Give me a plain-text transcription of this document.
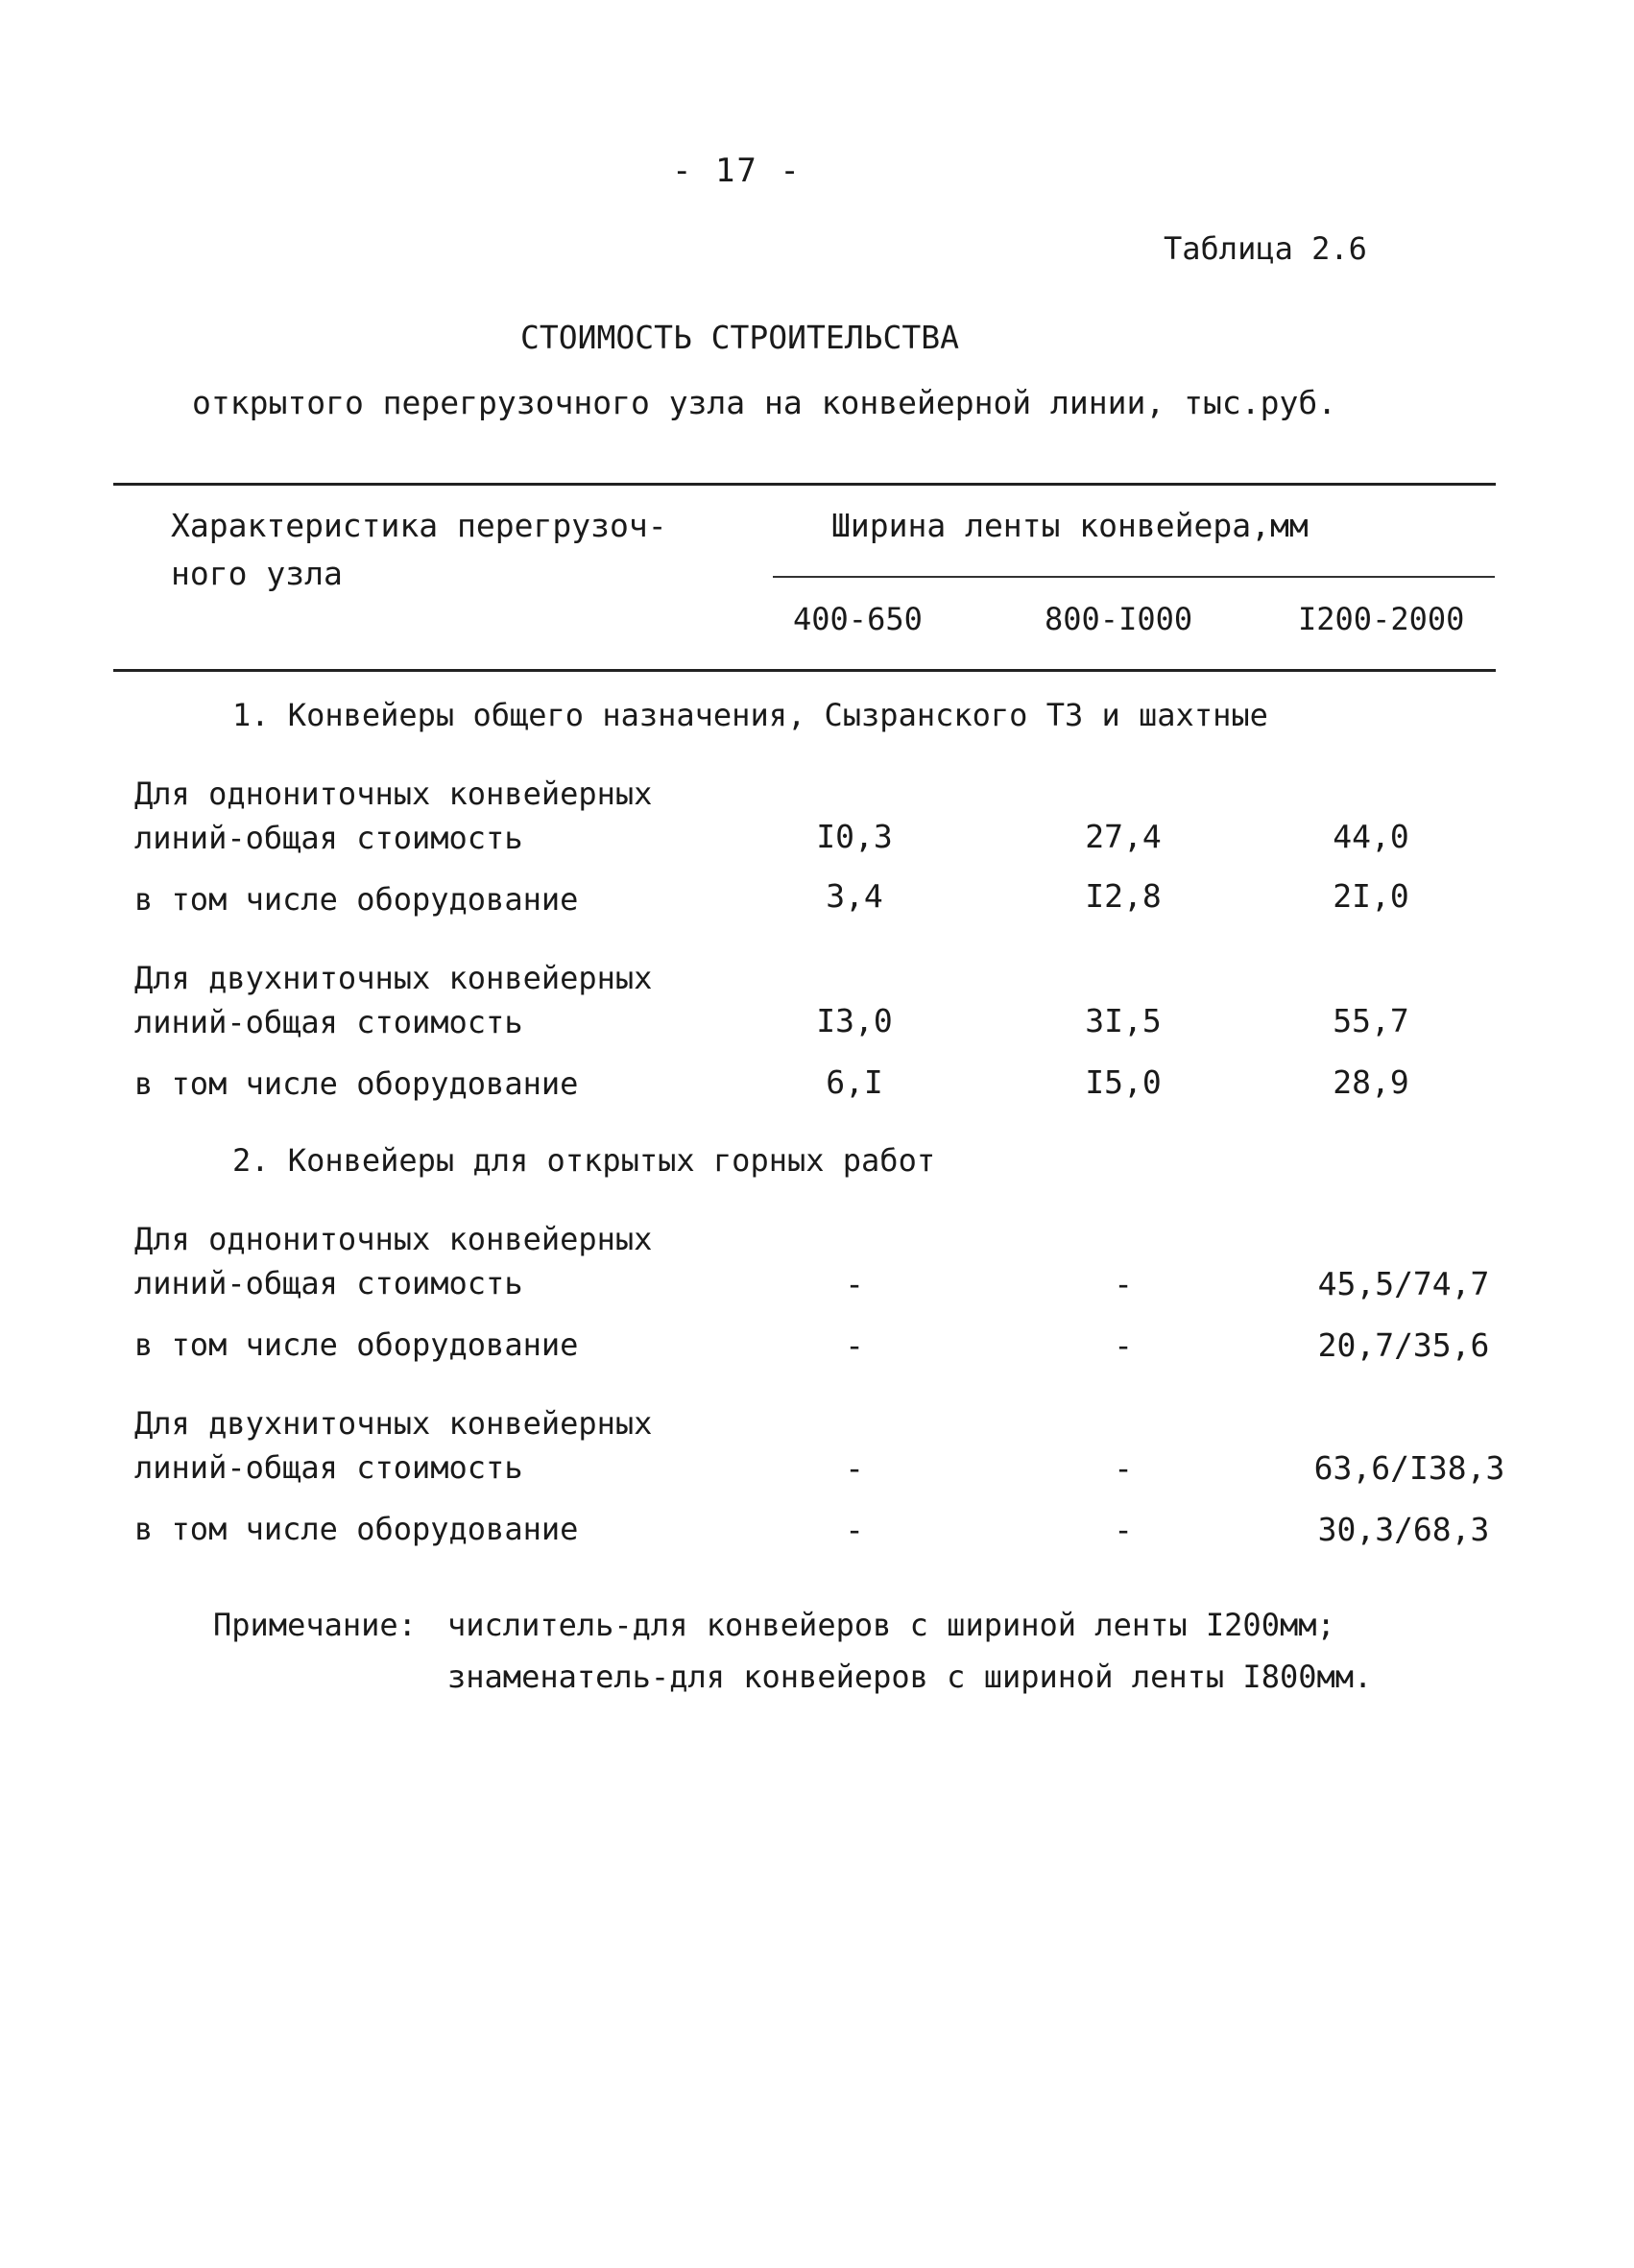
- 17 -
Таблица 2.6
СТОИМОСТЬ СТРОИТЕЛЬСТВА
открытого перегрузочного узла на конвейерной линии, тыс.руб.
Характеристика перегрузоч-
ного узла
Ширина ленты конвейера,мм
400-650	800-I000	I200-2000
1. Конвейеры общего назначения, Сызранского ТЗ и шахтные
Для однониточных конвейерных
линий-общая стоимость	I0,3	27,4	44,0
в том числе оборудование	3,4	I2,8	2I,0
Для двухниточных конвейерных
линий-общая стоимость	I3,0	3I,5	55,7
в том числе оборудование	6,I	I5,0	28,9
2. Конвейеры для открытых горных работ
Для однониточных конвейерных
линий-общая стоимость	-	-	45,5/74,7
в том числе оборудование	-	-	20,7/35,6
Для двухниточных конвейерных
линий-общая стоимость	-	-	63,6/I38,3
в том числе оборудование	-	-	30,3/68,3
Примечание: числитель-для конвейеров с шириной ленты I200мм;
знаменатель-для конвейеров с шириной ленты I800мм.
